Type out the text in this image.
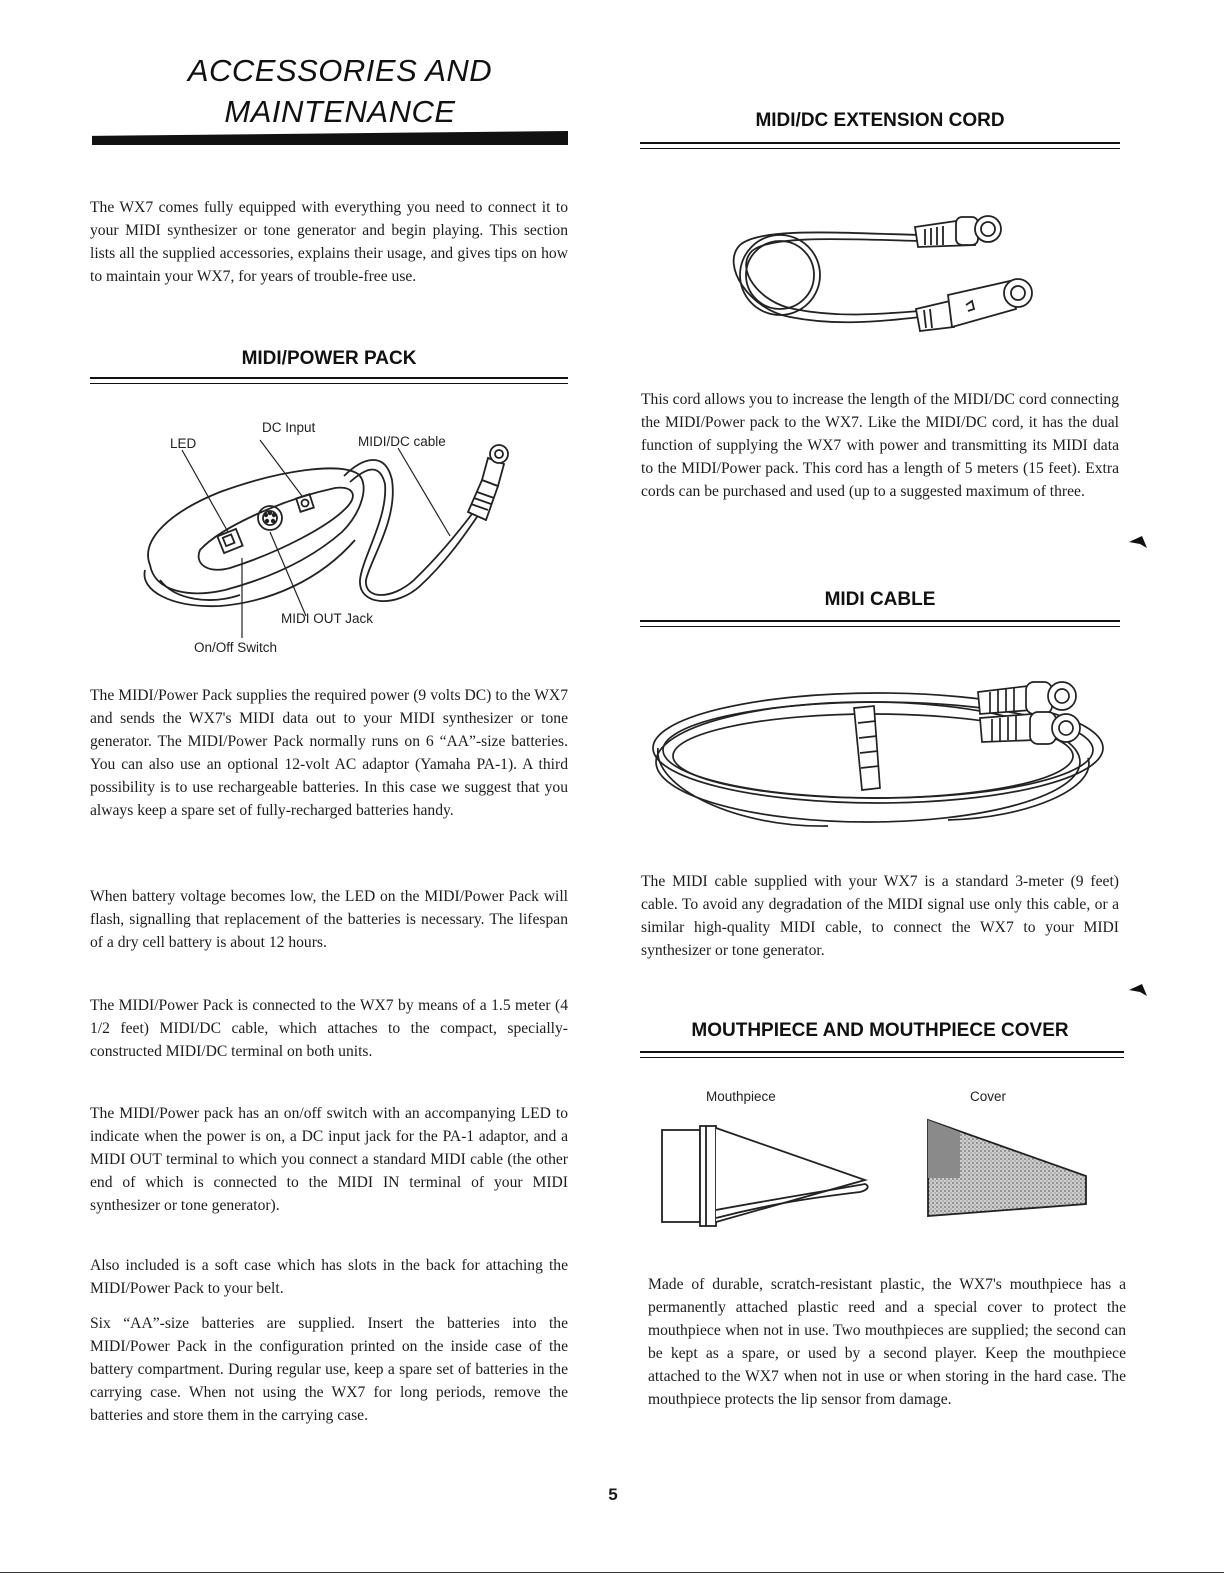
ACCESSORIES AND
MAINTENANCE

The WX7 comes fully equipped with everything you need to connect it to your MIDI synthesizer or tone generator and begin playing. This section lists all the supplied accessories, explains their usage, and gives tips on how to maintain your WX7, for years of trouble-free use.

MIDI/POWER PACK
LED
DC Input
MIDI/DC cable
MIDI OUT Jack
On/Off Switch

The MIDI/Power Pack supplies the required power (9 volts DC) to the WX7 and sends the WX7's MIDI data out to your MIDI synthesizer or tone generator. The MIDI/Power Pack normally runs on 6 “AA”-size batteries. You can also use an optional 12-volt AC adaptor (Yamaha PA-1). A third possibility is to use rechargeable batteries. In this case we suggest that you always keep a spare set of fully-recharged batteries handy.

When battery voltage becomes low, the LED on the MIDI/Power Pack will flash, signalling that replacement of the batteries is necessary. The lifespan of a dry cell battery is about 12 hours.

The MIDI/Power Pack is connected to the WX7 by means of a 1.5 meter (4 1/2 feet) MIDI/DC cable, which attaches to the compact, specially-constructed MIDI/DC terminal on both units.

The MIDI/Power pack has an on/off switch with an accompanying LED to indicate when the power is on, a DC input jack for the PA-1 adaptor, and a MIDI OUT terminal to which you connect a standard MIDI cable (the other end of which is connected to the MIDI IN terminal of your MIDI synthesizer or tone generator).

Also included is a soft case which has slots in the back for attaching the MIDI/Power Pack to your belt.

Six “AA”-size batteries are supplied. Insert the batteries into the MIDI/Power Pack in the configuration printed on the inside case of the battery compartment. During regular use, keep a spare set of batteries in the carrying case. When not using the WX7 for long periods, remove the batteries and store them in the carrying case.

MIDI/DC EXTENSION CORD

This cord allows you to increase the length of the MIDI/DC cord connecting the MIDI/Power pack to the WX7. Like the MIDI/DC cord, it has the dual function of supplying the WX7 with power and transmitting its MIDI data to the MIDI/Power pack. This cord has a length of 5 meters (15 feet). Extra cords can be purchased and used (up to a suggested maximum of three.

MIDI CABLE

The MIDI cable supplied with your WX7 is a standard 3-meter (9 feet) cable. To avoid any degradation of the MIDI signal use only this cable, or a similar high-quality MIDI cable, to connect the WX7 to your MIDI synthesizer or tone generator.

MOUTHPIECE AND MOUTHPIECE COVER
Mouthpiece	Cover

Made of durable, scratch-resistant plastic, the WX7's mouthpiece has a permanently attached plastic reed and a special cover to protect the mouthpiece when not in use. Two mouthpieces are supplied; the second can be kept as a spare, or used by a second player. Keep the mouthpiece attached to the WX7 when not in use or when storing in the hard case. The mouthpiece protects the lip sensor from damage.

5
